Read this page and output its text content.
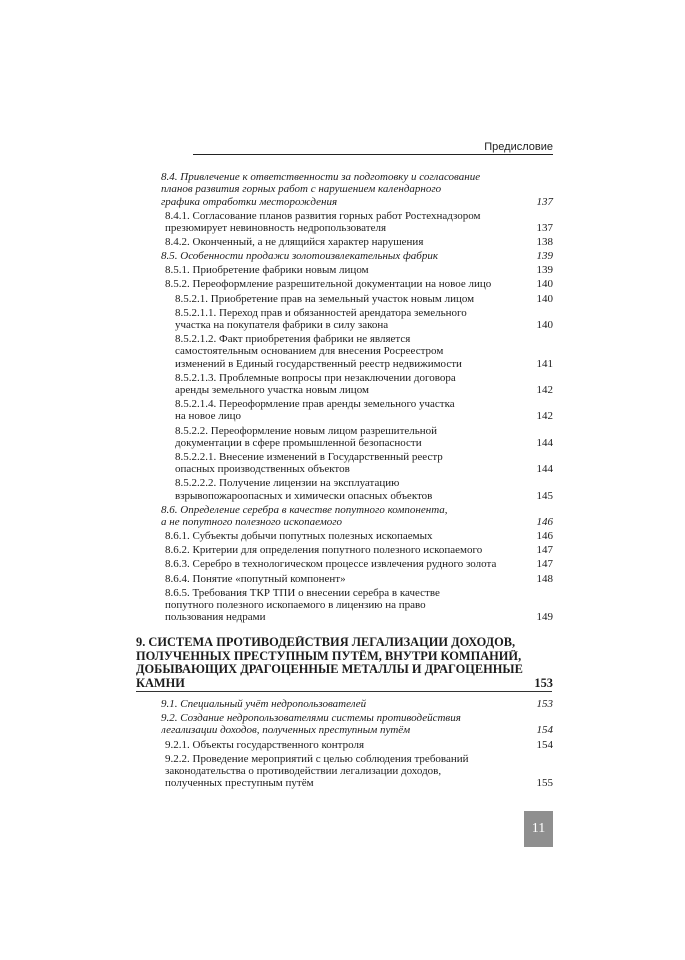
Предисловие
8.4. Привлечение к ответственности за подготовку и согласование
планов развития горных работ с нарушением календарного
графика отработки месторождения	137
8.4.1. Согласование планов развития горных работ Ростехнадзором
презюмирует невиновность недропользователя	137
8.4.2. Оконченный, а не длящийся характер нарушения	138
8.5. Особенности продажи золотоизвлекательных фабрик	139
8.5.1. Приобретение фабрики новым лицом	139
8.5.2. Переоформление разрешительной документации на новое лицо	140
8.5.2.1. Приобретение прав на земельный участок новым лицом	140
8.5.2.1.1. Переход прав и обязанностей арендатора земельного
участка на покупателя фабрики в силу закона	140
8.5.2.1.2. Факт приобретения фабрики не является
самостоятельным основанием для внесения Росреестром
изменений в Единый государственный реестр недвижимости	141
8.5.2.1.3. Проблемные вопросы при незаключении договора
аренды земельного участка новым лицом	142
8.5.2.1.4. Переоформление прав аренды земельного участка
на новое лицо	142
8.5.2.2. Переоформление новым лицом разрешительной
документации в сфере промышленной безопасности	144
8.5.2.2.1. Внесение изменений в Государственный реестр
опасных производственных объектов	144
8.5.2.2.2. Получение лицензии на эксплуатацию
взрывопожароопасных и химически опасных объектов	145
8.6. Определение серебра в качестве попутного компонента,
а не попутного полезного ископаемого	146
8.6.1. Субъекты добычи попутных полезных ископаемых	146
8.6.2. Критерии для определения попутного полезного ископаемого	147
8.6.3. Серебро в технологическом процессе извлечения рудного золота	147
8.6.4. Понятие «попутный компонент»	148
8.6.5. Требования ТКР ТПИ о внесении серебра в качестве
попутного полезного ископаемого в лицензию на право
пользования недрами	149
9. СИСТЕМА ПРОТИВОДЕЙСТВИЯ ЛЕГАЛИЗАЦИИ ДОХОДОВ,
ПОЛУЧЕННЫХ ПРЕСТУПНЫМ ПУТЁМ, ВНУТРИ КОМПАНИЙ,
ДОБЫВАЮЩИХ ДРАГОЦЕННЫЕ МЕТАЛЛЫ И ДРАГОЦЕННЫЕ
КАМНИ	153
9.1. Специальный учёт недропользователей	153
9.2. Создание недропользователями системы противодействия
легализации доходов, полученных преступным путём	154
9.2.1. Объекты государственного контроля	154
9.2.2. Проведение мероприятий с целью соблюдения требований
законодательства о противодействии легализации доходов,
полученных преступным путём	155
11
